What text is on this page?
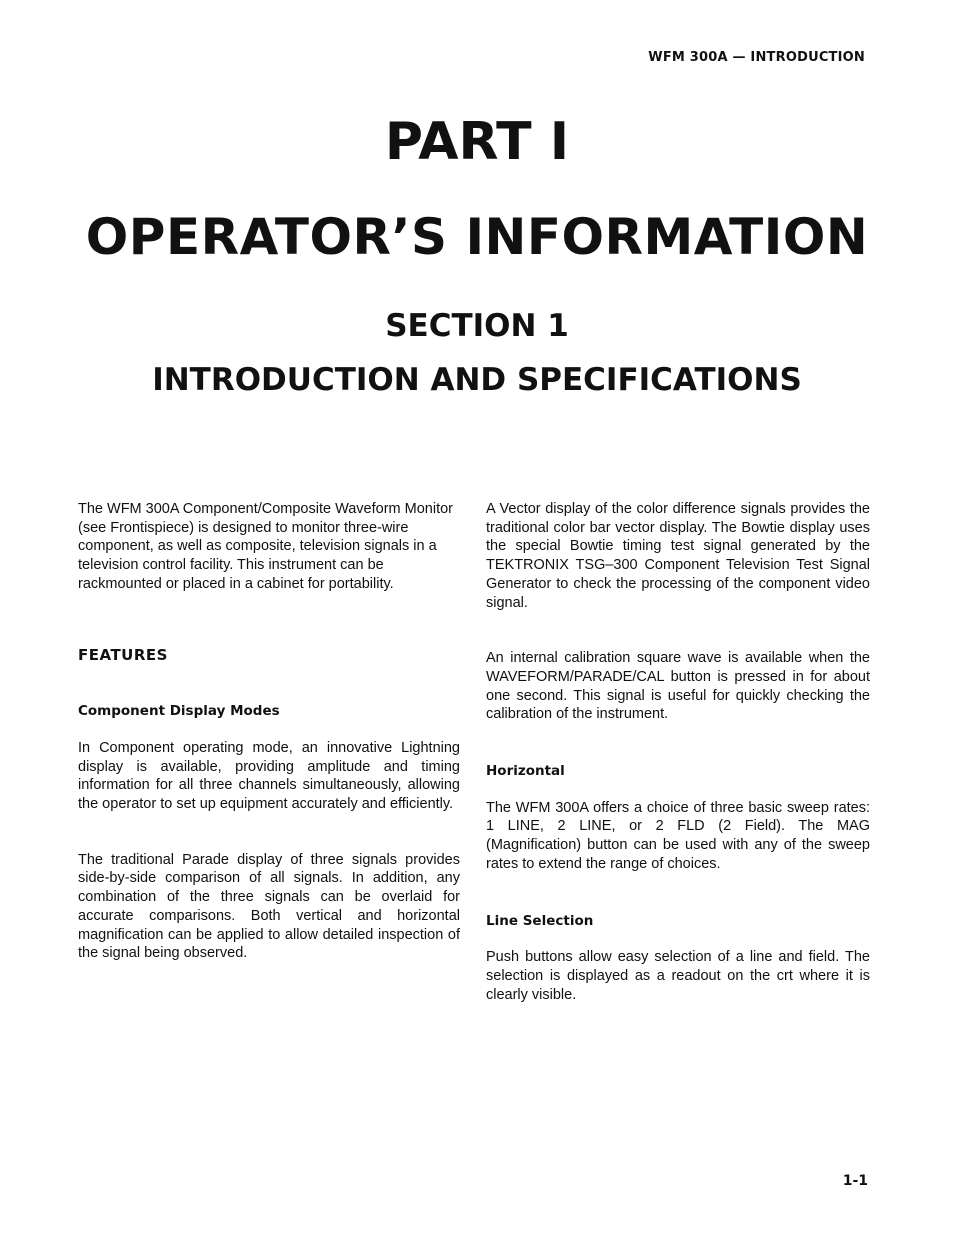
WFM 300A — INTRODUCTION
PART I
OPERATOR’S INFORMATION
SECTION 1
INTRODUCTION AND SPECIFICATIONS

The WFM 300A Component/Composite Waveform Monitor (see Frontispiece) is designed to monitor three-wire component, as well as composite, television signals in a television control facility. This instrument can be rackmounted or placed in a cabinet for portability.

FEATURES

Component Display Modes

In Component operating mode, an innovative Lightning display is available, providing amplitude and timing information for all three channels simultaneously, allowing the operator to set up equipment accurately and efficiently.

The traditional Parade display of three signals provides side-by-side comparison of all signals. In addition, any combination of the three signals can be overlaid for accurate comparisons. Both vertical and horizontal magnification can be applied to allow detailed inspection of the signal being observed.

A Vector display of the color difference signals provides the traditional color bar vector display. The Bowtie display uses the special Bowtie timing test signal generated by the TEKTRONIX TSG–300 Component Television Test Signal Generator to check the processing of the component video signal.

An internal calibration square wave is available when the WAVEFORM/PARADE/CAL button is pressed in for about one second. This signal is useful for quickly checking the calibration of the instrument.

Horizontal

The WFM 300A offers a choice of three basic sweep rates: 1 LINE, 2 LINE, or 2 FLD (2 Field). The MAG (Magnification) button can be used with any of the sweep rates to extend the range of choices.

Line Selection

Push buttons allow easy selection of a line and field. The selection is displayed as a readout on the crt where it is clearly visible.

1-1
